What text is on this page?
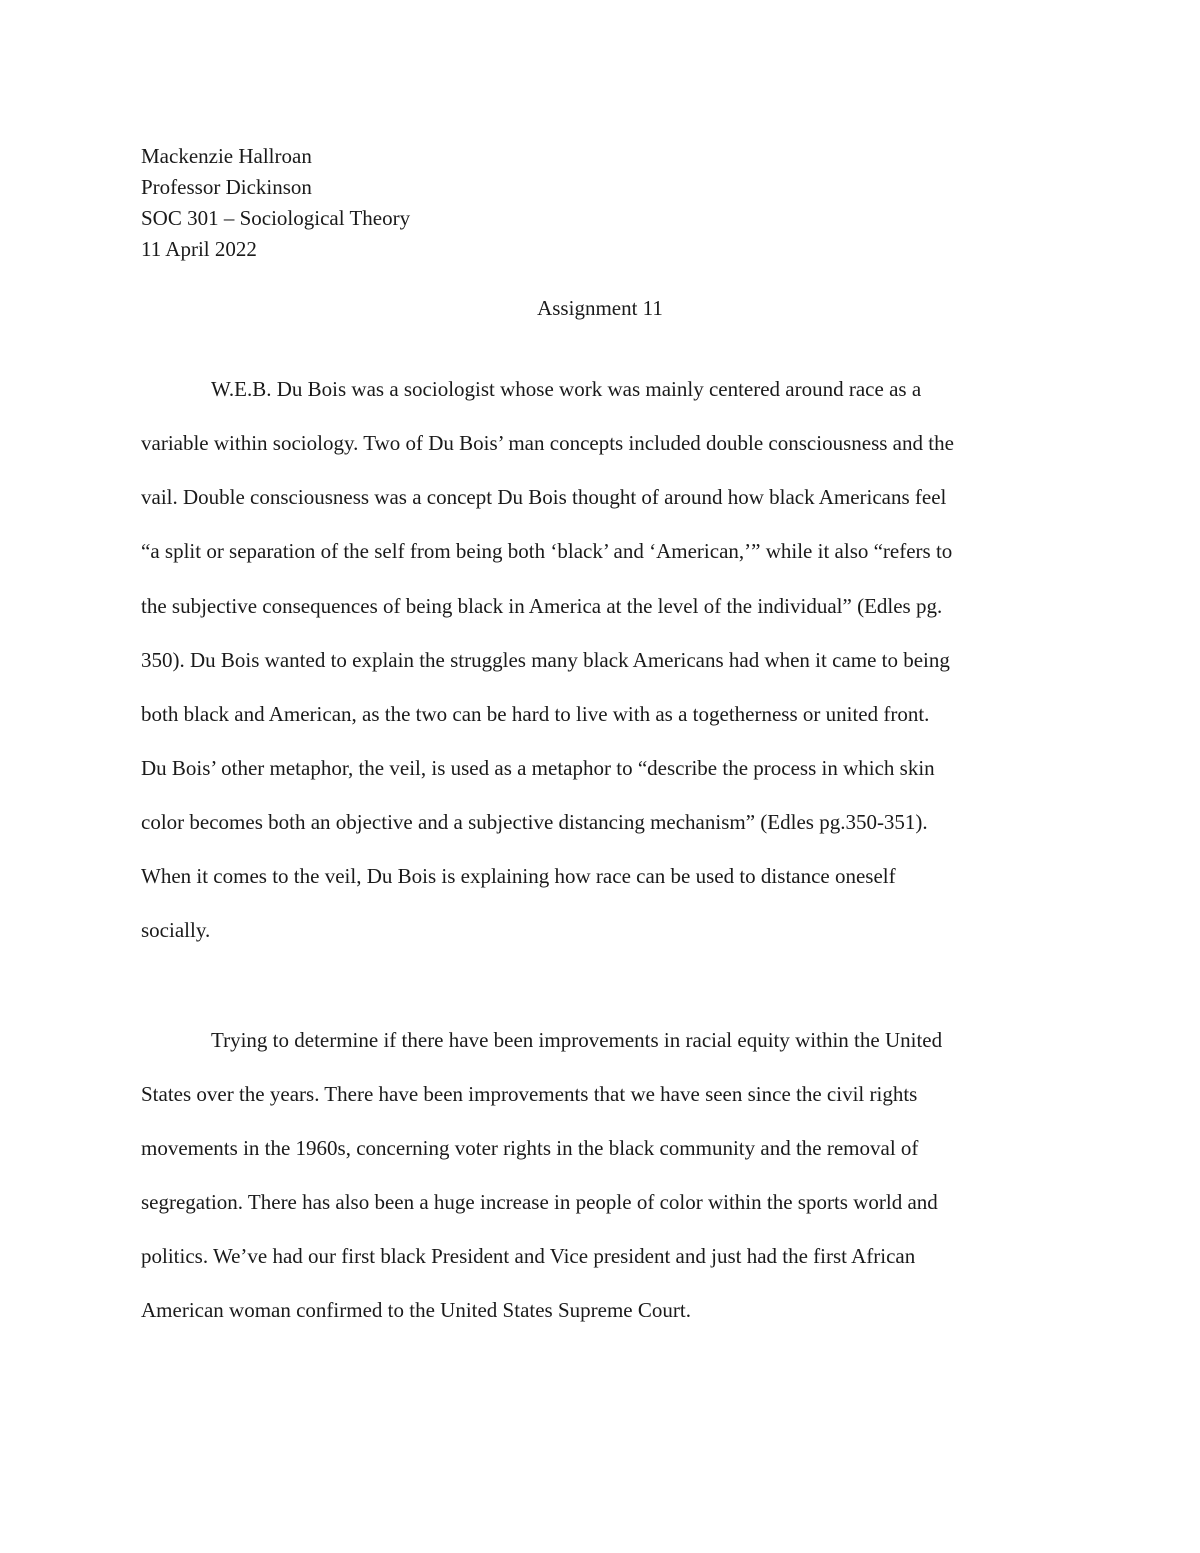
Mackenzie Hallroan
Professor Dickinson
SOC 301 – Sociological Theory
11 April 2022
Assignment 11
W.E.B. Du Bois was a sociologist whose work was mainly centered around race as a
variable within sociology. Two of Du Bois’ man concepts included double consciousness and the
vail. Double consciousness was a concept Du Bois thought of around how black Americans feel
“a split or separation of the self from being both ‘black’ and ‘American,’” while it also “refers to
the subjective consequences of being black in America at the level of the individual” (Edles pg.
350). Du Bois wanted to explain the struggles many black Americans had when it came to being
both black and American, as the two can be hard to live with as a togetherness or united front.
Du Bois’ other metaphor, the veil, is used as a metaphor to “describe the process in which skin
color becomes both an objective and a subjective distancing mechanism” (Edles pg.350-351).
When it comes to the veil, Du Bois is explaining how race can be used to distance oneself
socially.
Trying to determine if there have been improvements in racial equity within the United
States over the years. There have been improvements that we have seen since the civil rights
movements in the 1960s, concerning voter rights in the black community and the removal of
segregation. There has also been a huge increase in people of color within the sports world and
politics. We’ve had our first black President and Vice president and just had the first African
American woman confirmed to the United States Supreme Court.
